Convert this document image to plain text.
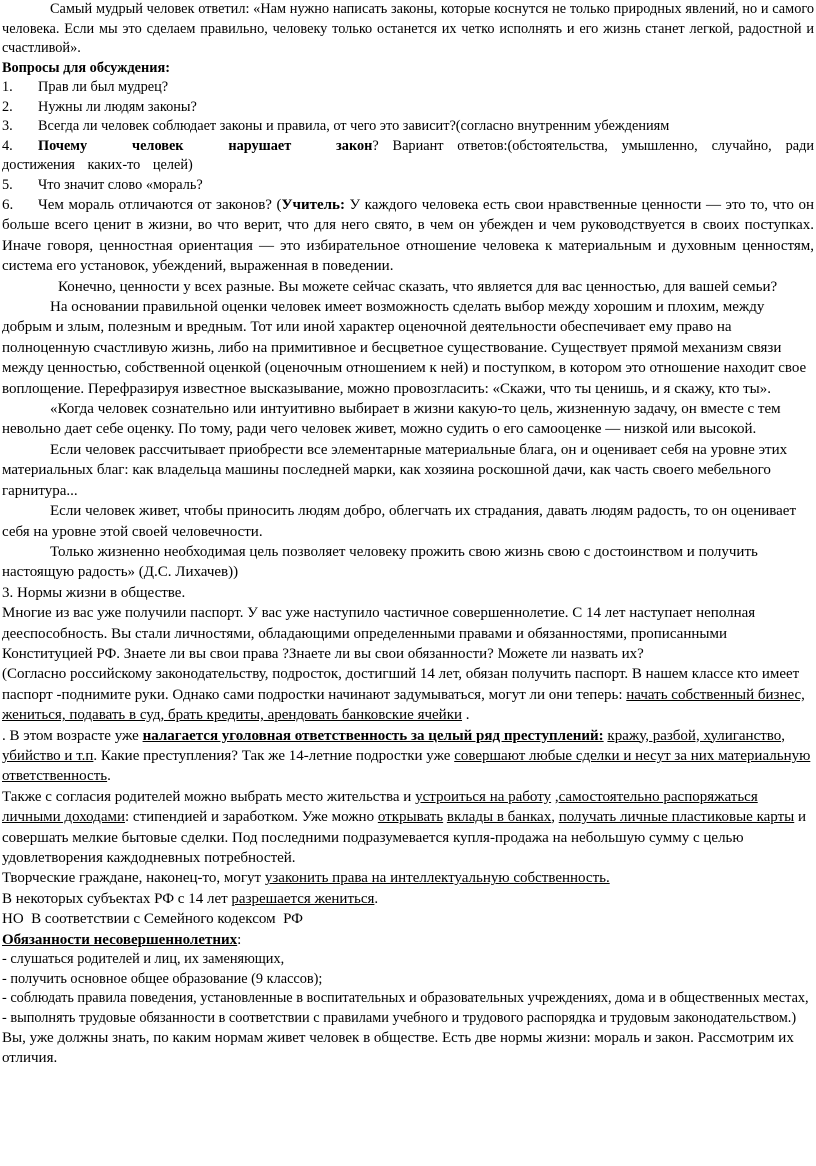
Самый мудрый человек ответил: «Нам нужно написать законы, которые коснутся не только природных явлений, но и самого человека. Если мы это сделаем правильно, человеку только останется их четко исполнять и его жизнь станет легкой, радостной и счастливой».

Вопросы для обсуждения:

1. Прав ли был мудрец?

2. Нужны ли людям законы?

3. Всегда ли человек соблюдает законы и правила, от чего это зависит?(согласно внутренним убеждениям

4. Почему человек нарушает закон? Вариант ответов:(обстоятельства, умышленно, случайно, ради достижения каких-то целей)

5. Что значит слово «мораль?

6. Чем мораль отличаются от законов? (Учитель: У каждого человека есть свои нравственные ценности — это то, что он больше всего ценит в жизни, во что верит, что для него свято, в чем он убежден и чем руководствуется в своих поступках. Иначе говоря, ценностная ориентация — это избирательное отношение человека к материальным и духовным ценностям, система его установок, убеждений, выраженная в поведении.

Конечно, ценности у всех разные. Вы можете сейчас сказать, что является для вас ценностью, для вашей семьи?

На основании правильной оценки человек имеет возможность сделать выбор между хорошим и плохим, между добрым и злым, полезным и вредным. Тот или иной характер оценочной деятельности обеспечивает ему право на полноценную счастливую жизнь, либо на примитивное и бесцветное существование. Существует прямой механизм связи между ценностью, собственной оценкой (оценочным отношением к ней) и поступком, в котором это отношение находит свое воплощение. Перефразируя известное высказывание, можно провозгласить: «Скажи, что ты ценишь, и я скажу, кто ты».

«Когда человек сознательно или интуитивно выбирает в жизни какую-то цель, жизненную задачу, он вместе с тем невольно дает себе оценку. По тому, ради чего человек живет, можно судить о его самооценке — низкой или высокой.

Если человек рассчитывает приобрести все элементарные материальные блага, он и оценивает себя на уровне этих материальных благ: как владельца машины последней марки, как хозяина роскошной дачи, как часть своего мебельного гарнитура...

Если человек живет, чтобы приносить людям добро, облегчать их страдания, давать людям радость, то он оценивает себя на уровне этой своей человечности.

Только жизненно необходимая цель позволяет человеку прожить свою жизнь свою с достоинством и получить настоящую радость» (Д.С. Лихачев))

3. Нормы жизни в обществе.

Многие из вас уже получили паспорт. У вас уже наступило частичное совершеннолетие. С 14 лет наступает неполная дееспособность. Вы стали личностями, обладающими определенными правами и обязанностями, прописанными Конституцией РФ. Знаете ли вы свои права ?Знаете ли вы свои обязанности? Можете ли назвать их?

(Согласно российскому законодательству, подросток, достигший 14 лет, обязан получить паспорт. В нашем классе кто имеет паспорт -поднимите руки. Однако сами подростки начинают задумываться, могут ли они теперь: начать собственный бизнес, жениться, подавать в суд, брать кредиты, арендовать банковские ячейки .

. В этом возрасте уже налагается уголовная ответственность за целый ряд преступлений: кражу, разбой, хулиганство, убийство и т.п. Какие преступления? Так же 14-летние подростки уже совершают любые сделки и несут за них материальную ответственность.

Также с согласия родителей можно выбрать место жительства и устроиться на работу ,самостоятельно распоряжаться личными доходами: стипендией и заработком. Уже можно открывать вклады в банках, получать личные пластиковые карты и совершать мелкие бытовые сделки. Под последними подразумевается купля-продажа на небольшую сумму с целью удовлетворения каждодневных потребностей.

Творческие граждане, наконец-то, могут узаконить права на интеллектуальную собственность.

В некоторых субъектах РФ с 14 лет разрешается жениться.

НО  В соответствии с Семейного кодексом  РФ

Обязанности несовершеннолетних:

- слушаться родителей и лиц, их заменяющих,

- получить основное общее образование (9 классов);

- соблюдать правила поведения, установленные в воспитательных и образовательных учреждениях, дома и в общественных местах,

- выполнять трудовые обязанности в соответствии с правилами учебного и трудового распорядка и трудовым законодательством.)

Вы, уже должны знать, по каким нормам живет человек в обществе. Есть две нормы жизни: мораль и закон. Рассмотрим их отличия.
